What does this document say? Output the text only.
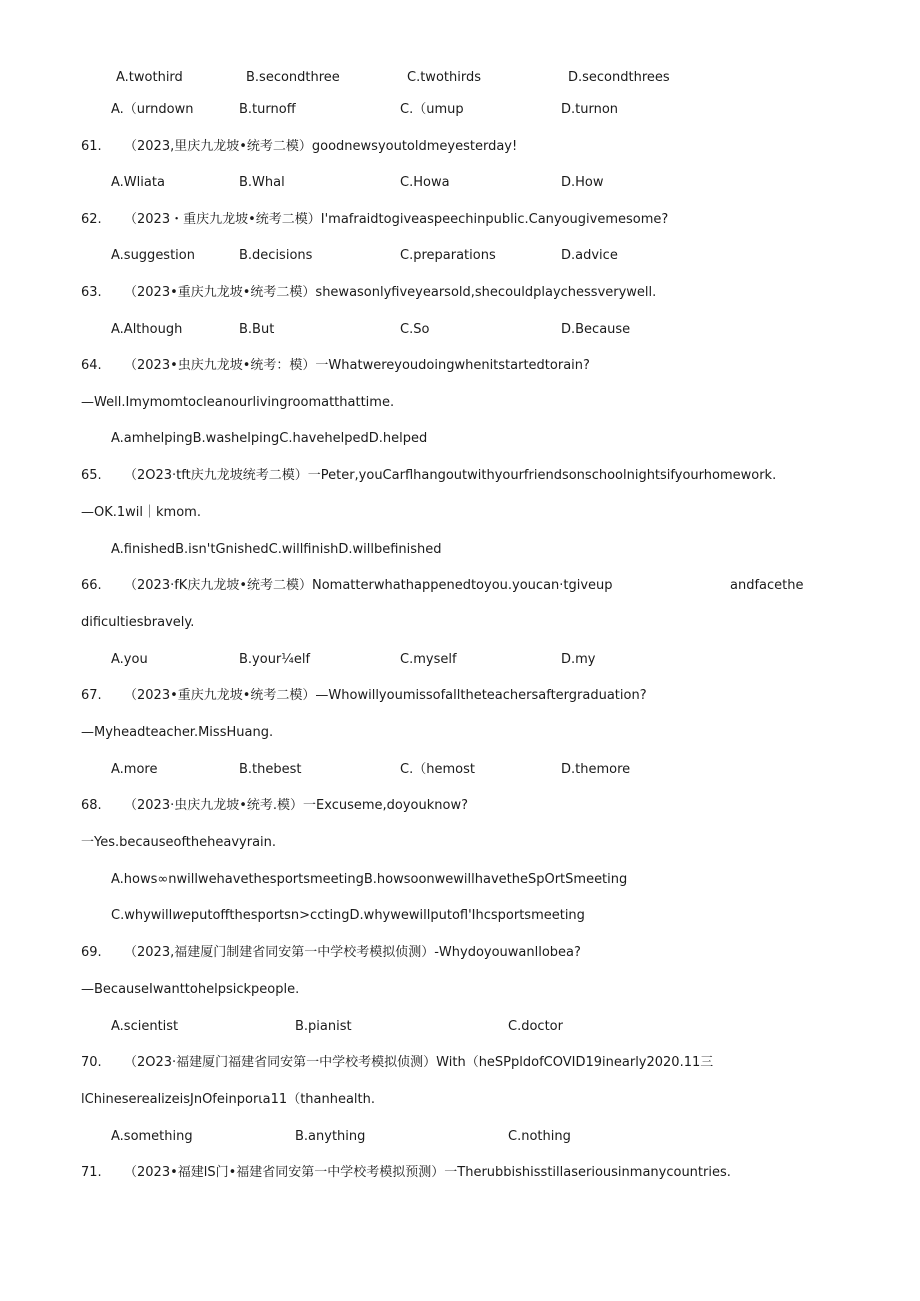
A.twothird	B.secondthree	C.twothirds	D.secondthrees
A.（urndown	B.turnoff	C.（umup	D.turnon
61. （2023,里庆九龙坡•统考二模）goodnewsyoutoldmeyesterday!
A.Wliata	B.Whal	C.Howa	D.How
62. （2023・重庆九龙坡•统考二模）I'mafraidtogiveaspeechinpublic.Canyougivemesome?
A.suggestion	B.decisions	C.preparations	D.advice
63. （2023•重庆九龙坡•统考二模）shewasonlyfiveyearsold,shecouldplaychessverywell.
A.Although	B.But	C.So	D.Because
64. （2023•虫庆九龙坡•统考：模）一Whatwereyoudoingwhenitstartedtorain?
—Well.Imymomtocleanourlivingroomatthattime.
A.amhelpingB.washelpingC.havehelpedD.helped
65. （2O23·tft庆九龙坡统考二模）一Peter,youCarflhangoutwithyourfriendsonschoolnightsifyourhomework.
—OK.1wil｜kmom.
A.finishedB.isn'tGnishedC.willfinishD.willbefinished
66. （2023·fK庆九龙坡•统考二模）Nomatterwhathappenedtoyou.youcan·tgiveup	andfacethe
dificultiesbravely.
A.you	B.your¼elf	C.myself	D.my
67. （2023•重庆九龙坡•统考二模）—Whowillyoumissofalltheteachersaftergraduation?
—Myheadteacher.MissHuang.
A.more	B.thebest	C.（hemost	D.themore
68. （2023·虫庆九龙坡•统考.模）一Excuseme,doyouknow?
一Yes.becauseoftheheavyrain.
A.hows∞nwillwehavethesportsmeetingB.howsoonwewillhavetheSpOrtSmeeting
C.whywillweputoffthesportsn>cctingD.whywewillputofl'Ihcsportsmeeting
69. （2023,福建厦门制建省同安第一中学校考模拟侦测）-Whydoyouwanllobea?
—BecauseIwanttohelpsickpeople.
A.scientist	B.pianist	C.doctor
70. （2O23·福建厦门福建省同安第一中学校考模拟侦测）With（heSPpldofCOVID19inearly2020.11三
lChineserealizeisJnOfeinpor⁠ιa11（thanhealth.
A.something	B.anything	C.nothing
71. （2023•福建lS门•福建省同安第一中学校考模拟预测）一Therubbishisstillaseriousinmanycountries.
